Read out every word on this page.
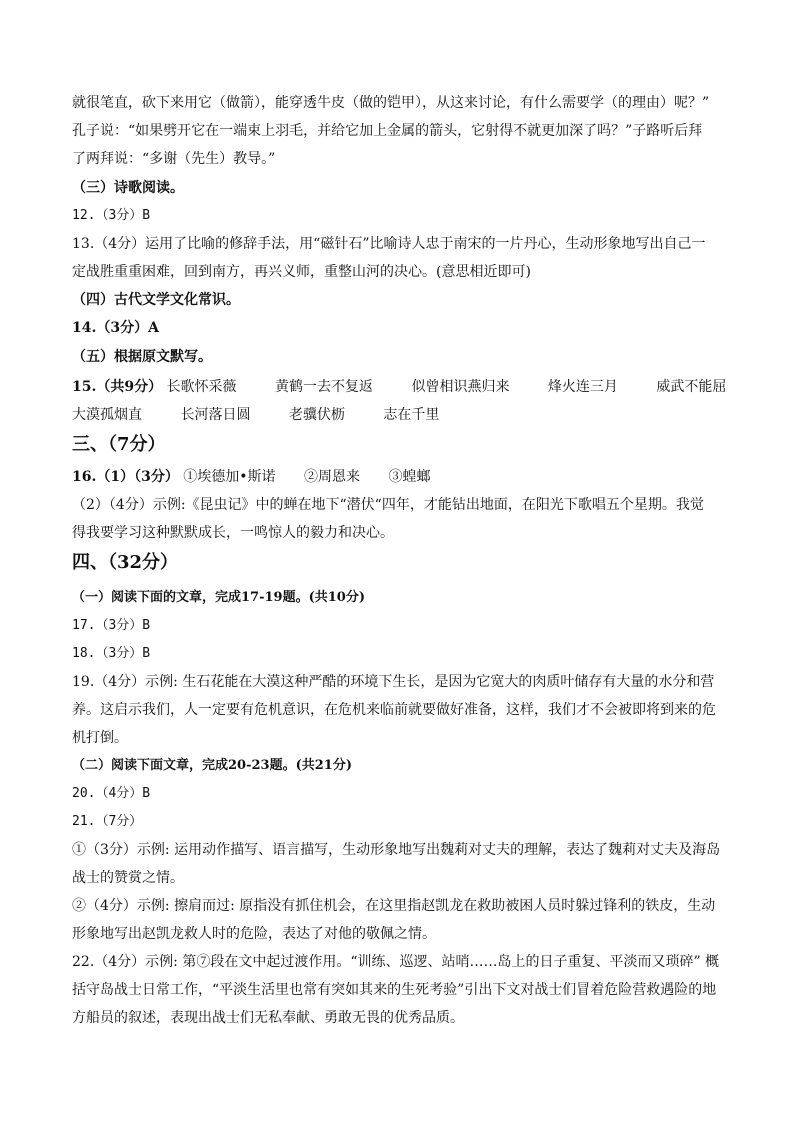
就很笔直，砍下来用它（做箭），能穿透牛皮（做的铠甲），从这来讨论，有什么需要学（的理由）呢？”
孔子说：“如果劈开它在一端束上羽毛，并给它加上金属的箭头，它射得不就更加深了吗？”子路听后拜
了两拜说：“多谢（先生）教导。”
（三）诗歌阅读。
12.（3分）B
13.（4分）运用了比喻的修辞手法，用“磁针石”比喻诗人忠于南宋的一片丹心，生动形象地写出自己一
定战胜重重困难，回到南方，再兴义师，重整山河的决心。(意思相近即可)
（四）古代文学文化常识。
14.（3分）A
（五）根据原文默写。
15.（共9分） 长歌怀采薇	黄鹤一去不复返	似曾相识燕归来	烽火连三月	威武不能屈
大漠孤烟直	长河落日圆	老骥伏枥	志在千里
三、（7分）
16.（1）（3分） ①埃德加•斯诺 ②周恩来 ③蝗螂
（2）（4分）示例:《昆虫记》中的蝉在地下“潜伏“四年，才能钻出地面，在阳光下歌唱五个星期。我觉
得我要学习这种默默成长，一鸣惊人的毅力和决心。
四、（32分）
（一）阅读下面的文章，完成17-19题。(共10分)
17.（3分）B
18.（3分）B
19.（4分）示例: 生石花能在大漠这种严酷的环境下生长，是因为它宽大的肉质叶储存有大量的水分和营
养。这启示我们，人一定要有危机意识，在危机来临前就要做好准备，这样，我们才不会被即将到来的危
机打倒。
（二）阅读下面文章，完成20-23题。(共21分)
20.（4分）B
21.（7分）
①（3分）示例: 运用动作描写、语言描写，生动形象地写出魏莉对丈夫的理解，表达了魏莉对丈夫及海岛
战士的赞赏之情。
②（4分）示例: 擦肩而过: 原指没有抓住机会，在这里指赵凯龙在救助被困人员时躲过锋利的铁皮，生动
形象地写出赵凯龙救人时的危险，表达了对他的敬佩之情。
22.（4分）示例: 第⑦段在文中起过渡作用。“训练、巡逻、站哨……岛上的日子重复、平淡而又琐碎” 概
括守岛战士日常工作，“平淡生活里也常有突如其来的生死考验”引出下文对战士们冒着危险营救遇险的地
方船员的叙述，表现出战士们无私奉献、勇敢无畏的优秀品质。
